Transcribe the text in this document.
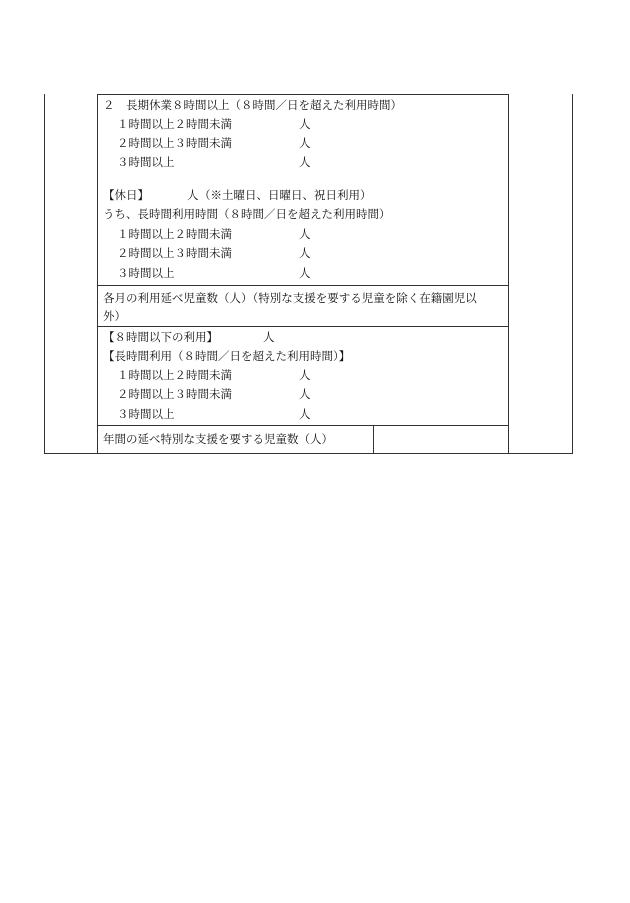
２　長期休業８時間以上（８時間／日を超えた利用時間）
１時間以上２時間未満	人
２時間以上３時間未満	人
３時間以上	人
【休日】	人 （※土曜日、日曜日、祝日利用）
うち、長時間利用時間（８時間／日を超えた利用時間）
１時間以上２時間未満	人
２時間以上３時間未満	人
３時間以上	人
各月の利用延べ児童数（人）（特別な支援を要する児童を除く在籍園児以
外）
【８時間以下の利用】	人
【長時間利用（８時間／日を超えた利用時間）】
１時間以上２時間未満	人
２時間以上３時間未満	人
３時間以上	人
年間の延べ特別な支援を要する児童数（人）
